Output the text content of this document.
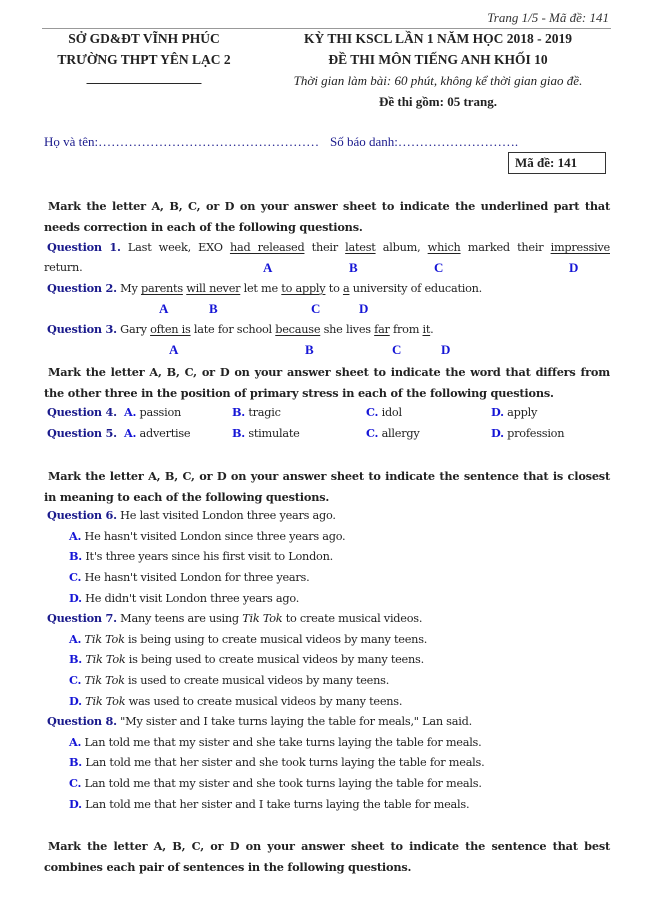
Trang 1/5 - Mã đề: 141
SỞ GD&ĐT VĨNH PHÚC
TRƯỜNG THPT YÊN LẠC 2
_________________
KỲ THI KSCL LẦN 1 NĂM HỌC 2018 - 2019
ĐỀ THI MÔN TIẾNG ANH KHỐI 10
Thời gian làm bài: 60 phút, không kể thời gian giao đề.
Đề thi gồm: 05 trang.
Họ và tên:…………………………………………… Số báo danh:……………………….
Mã đề: 141
Mark the letter A, B, C, or D on your answer sheet to indicate the underlined part that needs correction in each of the following questions.
Question 1. Last week, EXO had released their latest album, which marked their impressive
return.	A	B	C	D
Question 2. My parents will never let me to apply to a university of education.
A	B	C	D
Question 3. Gary often is late for school because she lives far from it.
A	B	C	D
Mark the letter A, B, C, or D on your answer sheet to indicate the word that differs from the other three in the position of primary stress in each of the following questions.
Question 4. A. passion	B. tragic	C. idol	D. apply
Question 5. A. advertise	B. stimulate	C. allergy	D. profession
Mark the letter A, B, C, or D on your answer sheet to indicate the sentence that is closest in meaning to each of the following questions.
Question 6. He last visited London three years ago.
A. He hasn't visited London since three years ago.
B. It's three years since his first visit to London.
C. He hasn't visited London for three years.
D. He didn't visit London three years ago.
Question 7. Many teens are using Tik Tok to create musical videos.
A. Tik Tok is being using to create musical videos by many teens.
B. Tik Tok is being used to create musical videos by many teens.
C. Tik Tok is used to create musical videos by many teens.
D. Tik Tok was used to create musical videos by many teens.
Question 8. "My sister and I take turns laying the table for meals," Lan said.
A. Lan told me that my sister and she take turns laying the table for meals.
B. Lan told me that her sister and she took turns laying the table for meals.
C. Lan told me that my sister and she took turns laying the table for meals.
D. Lan told me that her sister and I take turns laying the table for meals.
Mark the letter A, B, C, or D on your answer sheet to indicate the sentence that best combines each pair of sentences in the following questions.
